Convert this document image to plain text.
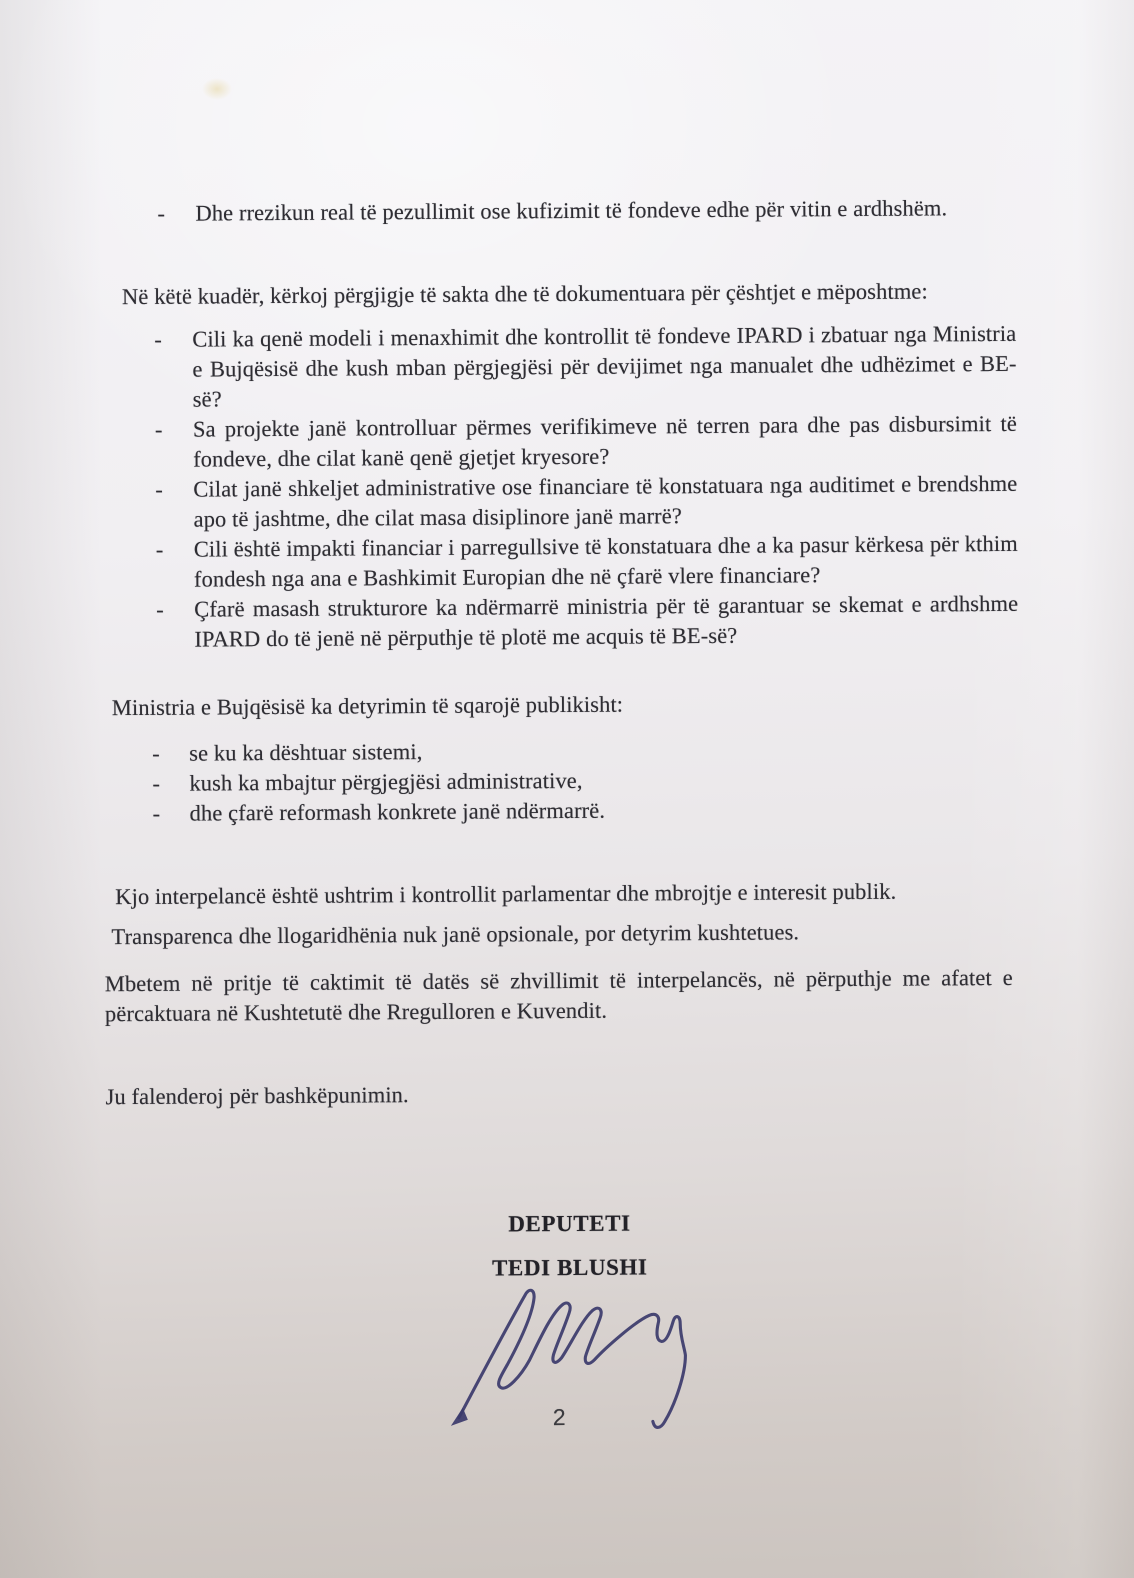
- Dhe rrezikun real të pezullimit ose kufizimit të fondeve edhe për vitin e ardhshëm.
Në këtë kuadër, kërkoj përgjigje të sakta dhe të dokumentuara për çështjet e mëposhtme:
- Cili ka qenë modeli i menaxhimit dhe kontrollit të fondeve IPARD i zbatuar nga Ministria
e Bujqësisë dhe kush mban përgjegjësi për devijimet nga manualet dhe udhëzimet e BE-
së?
- Sa projekte janë kontrolluar përmes verifikimeve në terren para dhe pas disbursimit të
fondeve, dhe cilat kanë qenë gjetjet kryesore?
- Cilat janë shkeljet administrative ose financiare të konstatuara nga auditimet e brendshme
apo të jashtme, dhe cilat masa disiplinore janë marrë?
- Cili është impakti financiar i parregullsive të konstatuara dhe a ka pasur kërkesa për kthim
fondesh nga ana e Bashkimit Europian dhe në çfarë vlere financiare?
- Çfarë masash strukturore ka ndërmarrë ministria për të garantuar se skemat e ardhshme
IPARD do të jenë në përputhje të plotë me acquis të BE-së?
Ministria e Bujqësisë ka detyrimin të sqarojë publikisht:
- se ku ka dështuar sistemi,
- kush ka mbajtur përgjegjësi administrative,
- dhe çfarë reformash konkrete janë ndërmarrë.
Kjo interpelancë është ushtrim i kontrollit parlamentar dhe mbrojtje e interesit publik.
Transparenca dhe llogaridhënia nuk janë opsionale, por detyrim kushtetues.
Mbetem në pritje të caktimit të datës së zhvillimit të interpelancës, në përputhje me afatet e
përcaktuara në Kushtetutë dhe Rregulloren e Kuvendit.
Ju falenderoj për bashkëpunimin.
DEPUTETI
TEDI BLUSHI
2
